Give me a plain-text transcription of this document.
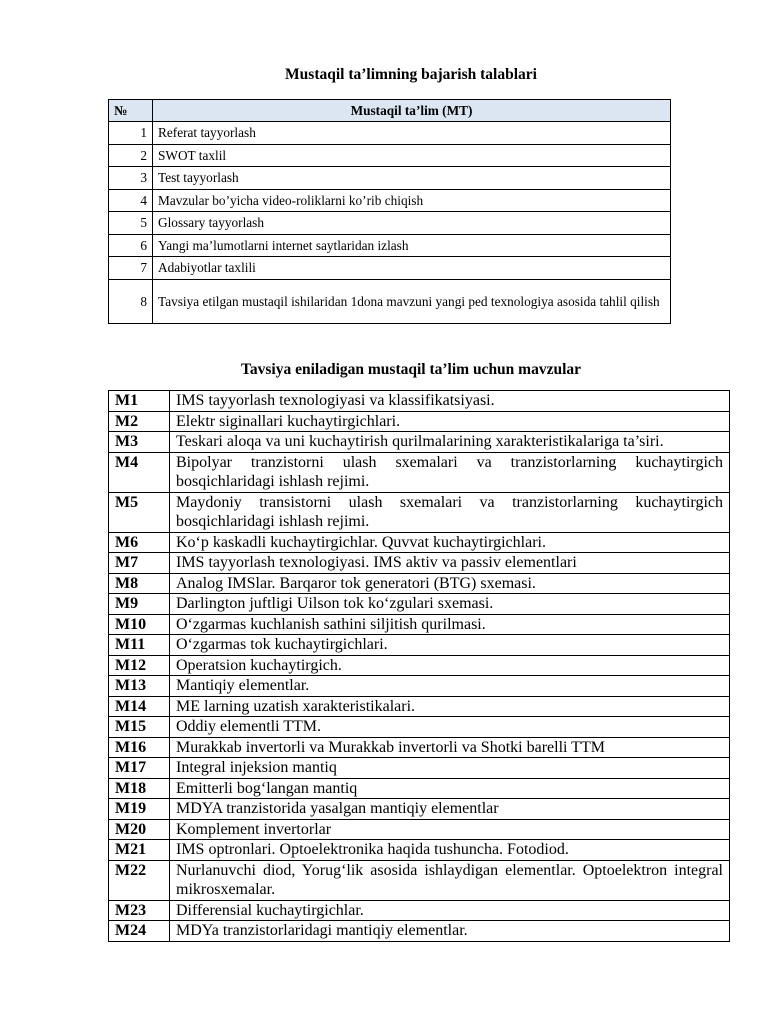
Mustaqil ta’limning bajarish talablari
№	Mustaqil ta’lim (MT)
1	Referat tayyorlash
2	SWOT taxlil
3	Test tayyorlash
4	Mavzular bo’yicha video-roliklarni ko’rib chiqish
5	Glossary tayyorlash
6	Yangi ma’lumotlarni internet saytlaridan izlash
7	Adabiyotlar taxlili
8	Tavsiya etilgan mustaqil ishilaridan 1dona mavzuni yangi ped texnologiya asosida tahlil qilish
Tavsiya eniladigan mustaqil ta’lim uchun mavzular
M1	IMS tayyorlash texnologiyasi va klassifikatsiyasi.
M2	Elektr siginallari kuchaytirgichlari.
M3	Teskari aloqa va uni kuchaytirish qurilmalarining xarakteristikalariga ta’siri.
M4	Bipolyar tranzistorni ulash sxemalari va tranzistorlarning kuchaytirgich bosqichlaridagi ishlash rejimi.
M5	Maydoniy transistorni ulash sxemalari va tranzistorlarning kuchaytirgich bosqichlaridagi ishlash rejimi.
M6	Ko‘p kaskadli kuchaytirgichlar. Quvvat kuchaytirgichlari.
M7	IMS tayyorlash texnologiyasi. IMS aktiv va passiv elementlari
M8	Analog IMSlar. Barqaror tok generatori (BTG) sxemasi.
M9	Darlington juftligi Uilson tok ko‘zgulari sxemasi.
M10	O‘zgarmas kuchlanish sathini siljitish qurilmasi.
M11	O‘zgarmas tok kuchaytirgichlari.
M12	Operatsion kuchaytirgich.
M13	Mantiqiy elementlar.
M14	ME larning uzatish xarakteristikalari.
M15	Oddiy elementli TTM.
M16	Murakkab invertorli va Murakkab invertorli va Shotki barelli TTM
M17	Integral injeksion mantiq
M18	Emitterli bog‘langan mantiq
M19	MDYA tranzistorida yasalgan mantiqiy elementlar
M20	Komplement invertorlar
M21	IMS optronlari. Optoelektronika haqida tushuncha. Fotodiod.
M22	Nurlanuvchi diod, Yorug‘lik asosida ishlaydigan elementlar. Optoelektron integral mikrosxemalar.
M23	Differensial kuchaytirgichlar.
M24	MDYa tranzistorlaridagi mantiqiy elementlar.
